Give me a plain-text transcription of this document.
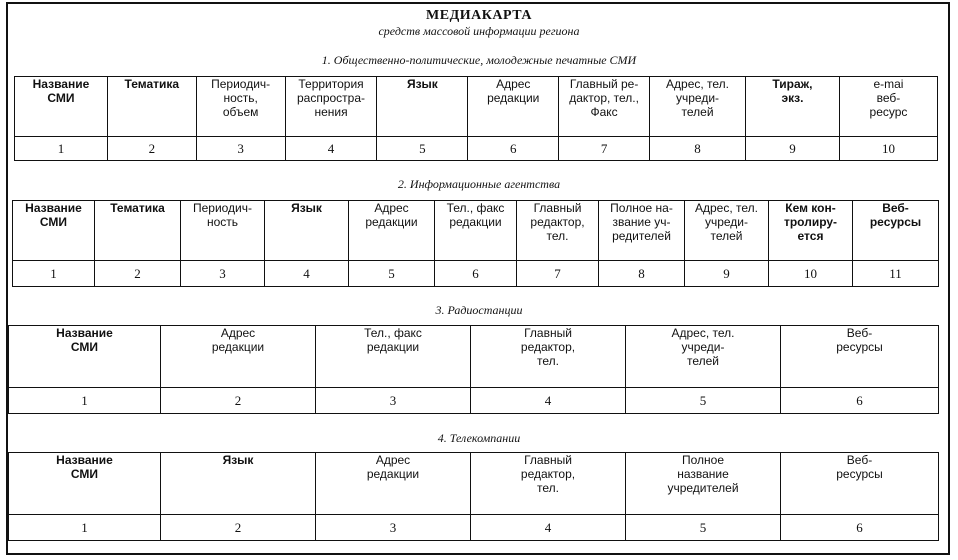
МЕДИАКАРТА
средств массовой информации региона
1. Общественно-политические, молодежные печатные СМИ
Название
СМИ	Тематика	Периодич-
ность,
объем	Территория
распростра-
нения	Язык	Адрес
редакции	Главный ре-
дактор, тел.,
Факс	Адрес, тел.
учреди-
телей	Тираж,
экз.	e-mai
веб-
ресурс
1	2	3	4	5	6	7	8	9	10
2. Информационные агентства
Название
СМИ	Тематика	Периодич-
ность	Язык	Адрес
редакции	Тел., факс
редакции	Главный
редактор,
тел.	Полное на-
звание уч-
редителей	Адрес, тел.
учреди-
телей	Кем кон-
тролиру-
ется	Веб-
ресурсы
1	2	3	4	5	6	7	8	9	10	11
3. Радиостанции
Название
СМИ	Адрес
редакции	Тел., факс
редакции	Главный
редактор,
тел.	Адрес, тел.
учреди-
телей	Веб-
ресурсы
1	2	3	4	5	6
4. Телекомпании
Название
СМИ	Язык	Адрес
редакции	Главный
редактор,
тел.	Полное
название
учредителей	Веб-
ресурсы
1	2	3	4	5	6
